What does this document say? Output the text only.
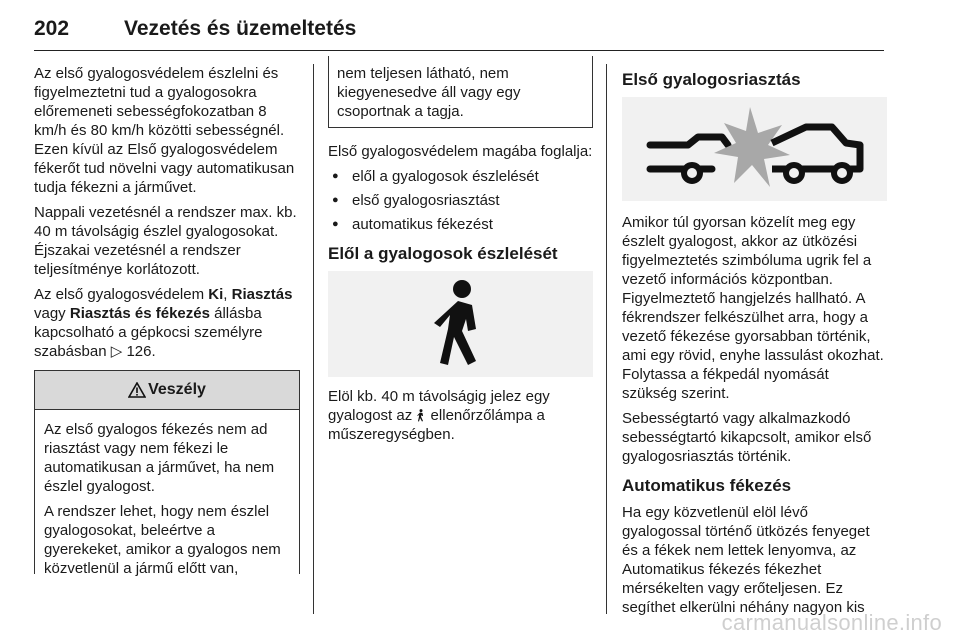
202	Vezetés és üzemeltetés

Az első gyalogosvédelem észlelni és figyelmeztetni tud a gyalogosokra előremeneti sebességfokozatban 8 km/h és 80 km/h közötti sebességnél. Ezen kívül az Első gyalogosvédelem fékerőt tud növelni vagy automatikusan tudja fékezni a járművet.

Nappali vezetésnél a rendszer max. kb. 40 m távolságig észlel gyalogosokat. Éjszakai vezetésnél a rendszer teljesítménye korlátozott.

Az első gyalogosvédelem Ki, Riasztás vagy Riasztás és fékezés állásba kapcsolható a gépkocsi személyre szabásban ▷ 126.

Veszély

Az első gyalogos fékezés nem ad riasztást vagy nem fékezi le automatikusan a járművet, ha nem észlel gyalogost.

A rendszer lehet, hogy nem észlel gyalogosokat, beleértve a gyerekeket, amikor a gyalogos nem közvetlenül a jármű előtt van,

nem teljesen látható, nem kiegyenesedve áll vagy egy csoportnak a tagja.

Első gyalogosvédelem magába foglalja:

● elől a gyalogosok észlelését
● első gyalogosriasztást
● automatikus fékezést
Elől a gyalogosok észlelését

Elöl kb. 40 m távolságig jelez egy gyalogost az  ellenőrzőlámpa a műszeregységben.

Első gyalogosriasztás

Amikor túl gyorsan közelít meg egy észlelt gyalogost, akkor az ütközési figyelmeztetés szimbóluma ugrik fel a vezető információs központban. Figyelmeztető hangjelzés hallható. A fékrendszer felkészülhet arra, hogy a vezető fékezése gyorsabban történik, ami egy rövid, enyhe lassulást okozhat. Folytassa a fékpedál nyomását szükség szerint.

Sebességtartó vagy alkalmazkodó sebességtartó kikapcsolt, amikor első gyalogosriasztás történik.

Automatikus fékezés

Ha egy közvetlenül elöl lévő gyalogossal történő ütközés fenyeget és a fékek nem lettek lenyomva, az Automatikus fékezés fékezhet mérsékelten vagy erőteljesen. Ez segíthet elkerülni néhány nagyon kis

carmanualsonline.info
